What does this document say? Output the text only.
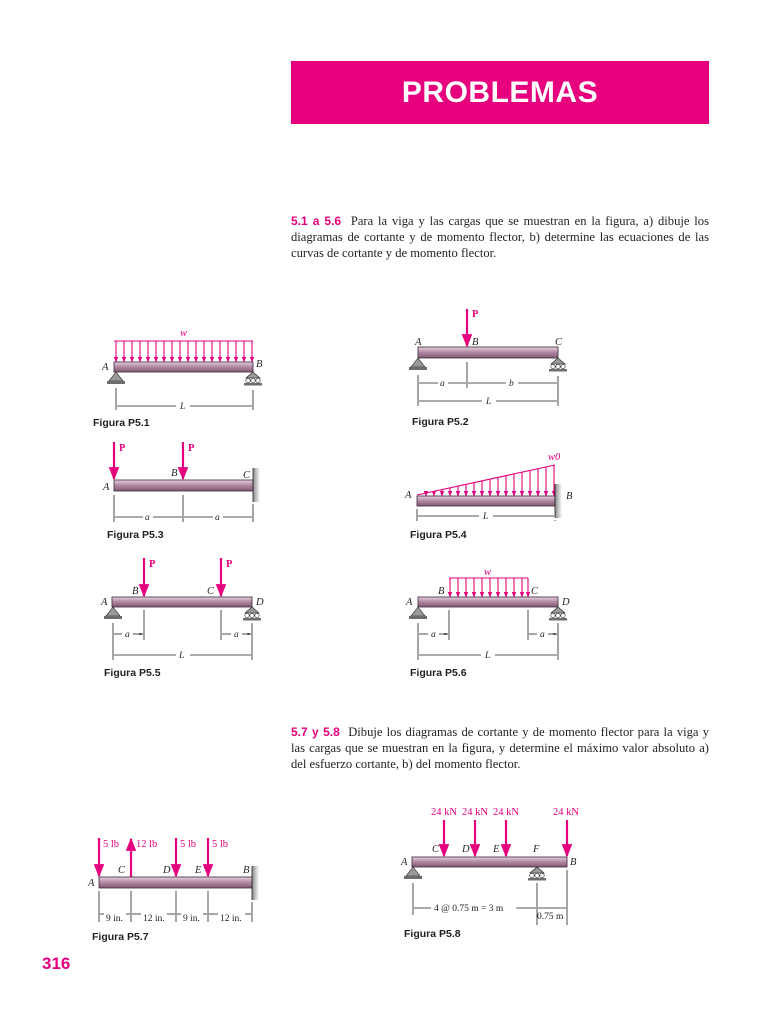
PROBLEMAS
5.1 a 5.6 Para la viga y las cargas que se muestran en la figura, a) dibuje los diagramas de cortante y de momento flector, b) determine las ecuaciones de las curvas de cortante y de momento flector.
5.7 y 5.8 Dibuje los diagramas de cortante y de momento flector para la viga y las cargas que se muestran en la figura, y determine el máximo valor absoluto a) del esfuerzo cortante, b) del momento flector.
316
w
A	B
L
Figura P5.1
P
A	B	C
a	b
L
Figura P5.2
P	P
A
B	C
a	a
Figura P5.3
w0
A	B
L
Figura P5.4
P	P
A
B	C
D
a	a
L
Figura P5.5
w
A
B	C
D
a	a
L
Figura P5.6
5 lb 12 lb 5 lb 5 lb
A
C	D E	B
9 in. 12 in. 9 in. 12 in.
Figura P5.7
24 kN 24 kN 24 kN	24 kN
A
C D E	F
B
4 @ 0.75 m = 3 m
0.75 m
Figura P5.8
